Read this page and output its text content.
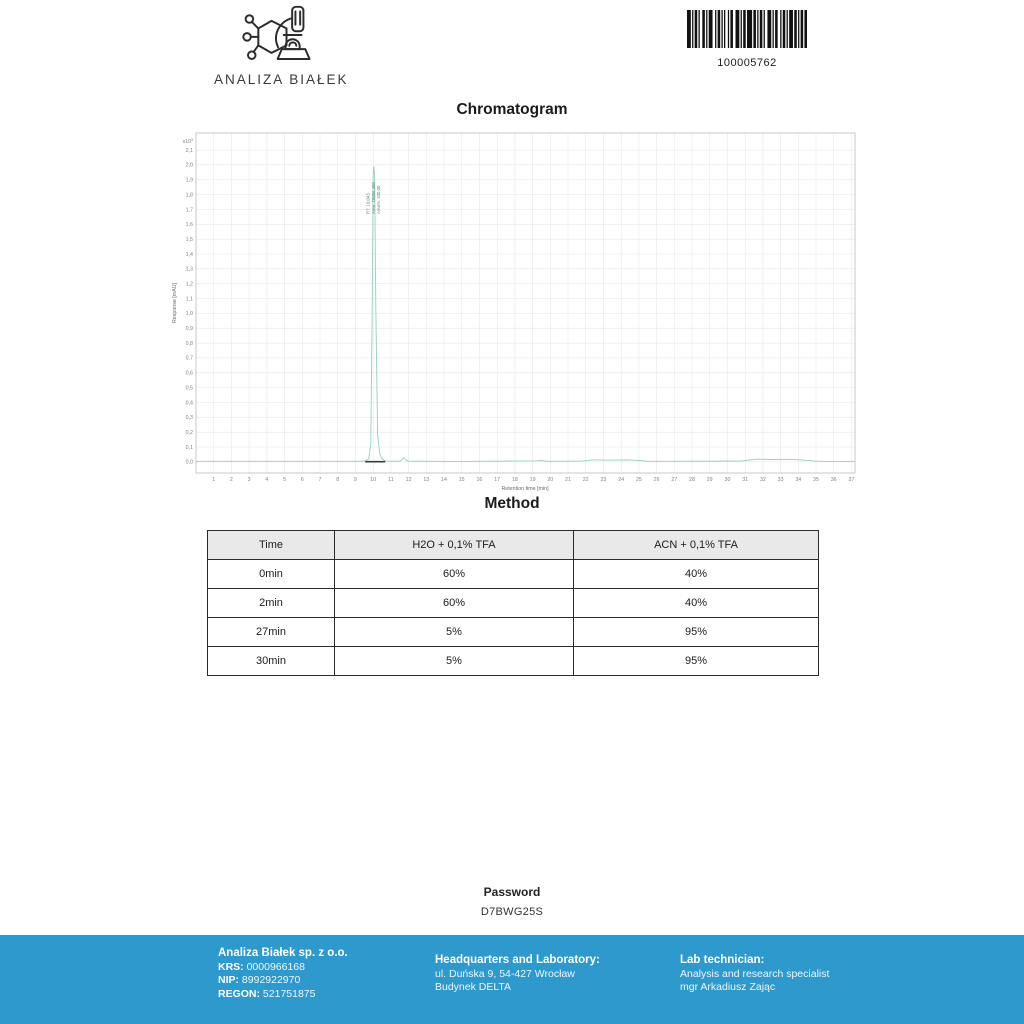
ANALIZA BIAŁEK
100005762
Chromatogram
1	2	3	4	5	6	7	8	9	10 11 12 13 14 15 16 17 18 19 20 21 22 23 24 25 26 27 28 29 30 31 32 33 34 35 36 37
0,0
0,1
0,2
0,3
0,4
0,5
0,6
0,7
0,8
0,9
1,0
1,1
1,2
1,3
1,4
1,5
1,6
1,7
1,8
1,9
2,0
2,1
$x10^3$
Retention time [min]
Response [mAU]
RT: 10,043 Area: 28886,488 Area%: 100,00
Method
Time	H2O + 0,1% TFA	ACN + 0,1% TFA
0min	60%	40%
2min	60%	40%
27min	5%	95%
30min	5%	95%
Password
D7BWG25S
Analiza Białek sp. z o.o.
KRS: 0000966168
NIP: 8992922970
REGON: 521751875
Headquarters and Laboratory:
ul. Duńska 9, 54-427 Wrocław
Budynek DELTA
Lab technician:
Analysis and research specialist
mgr Arkadiusz Zając
